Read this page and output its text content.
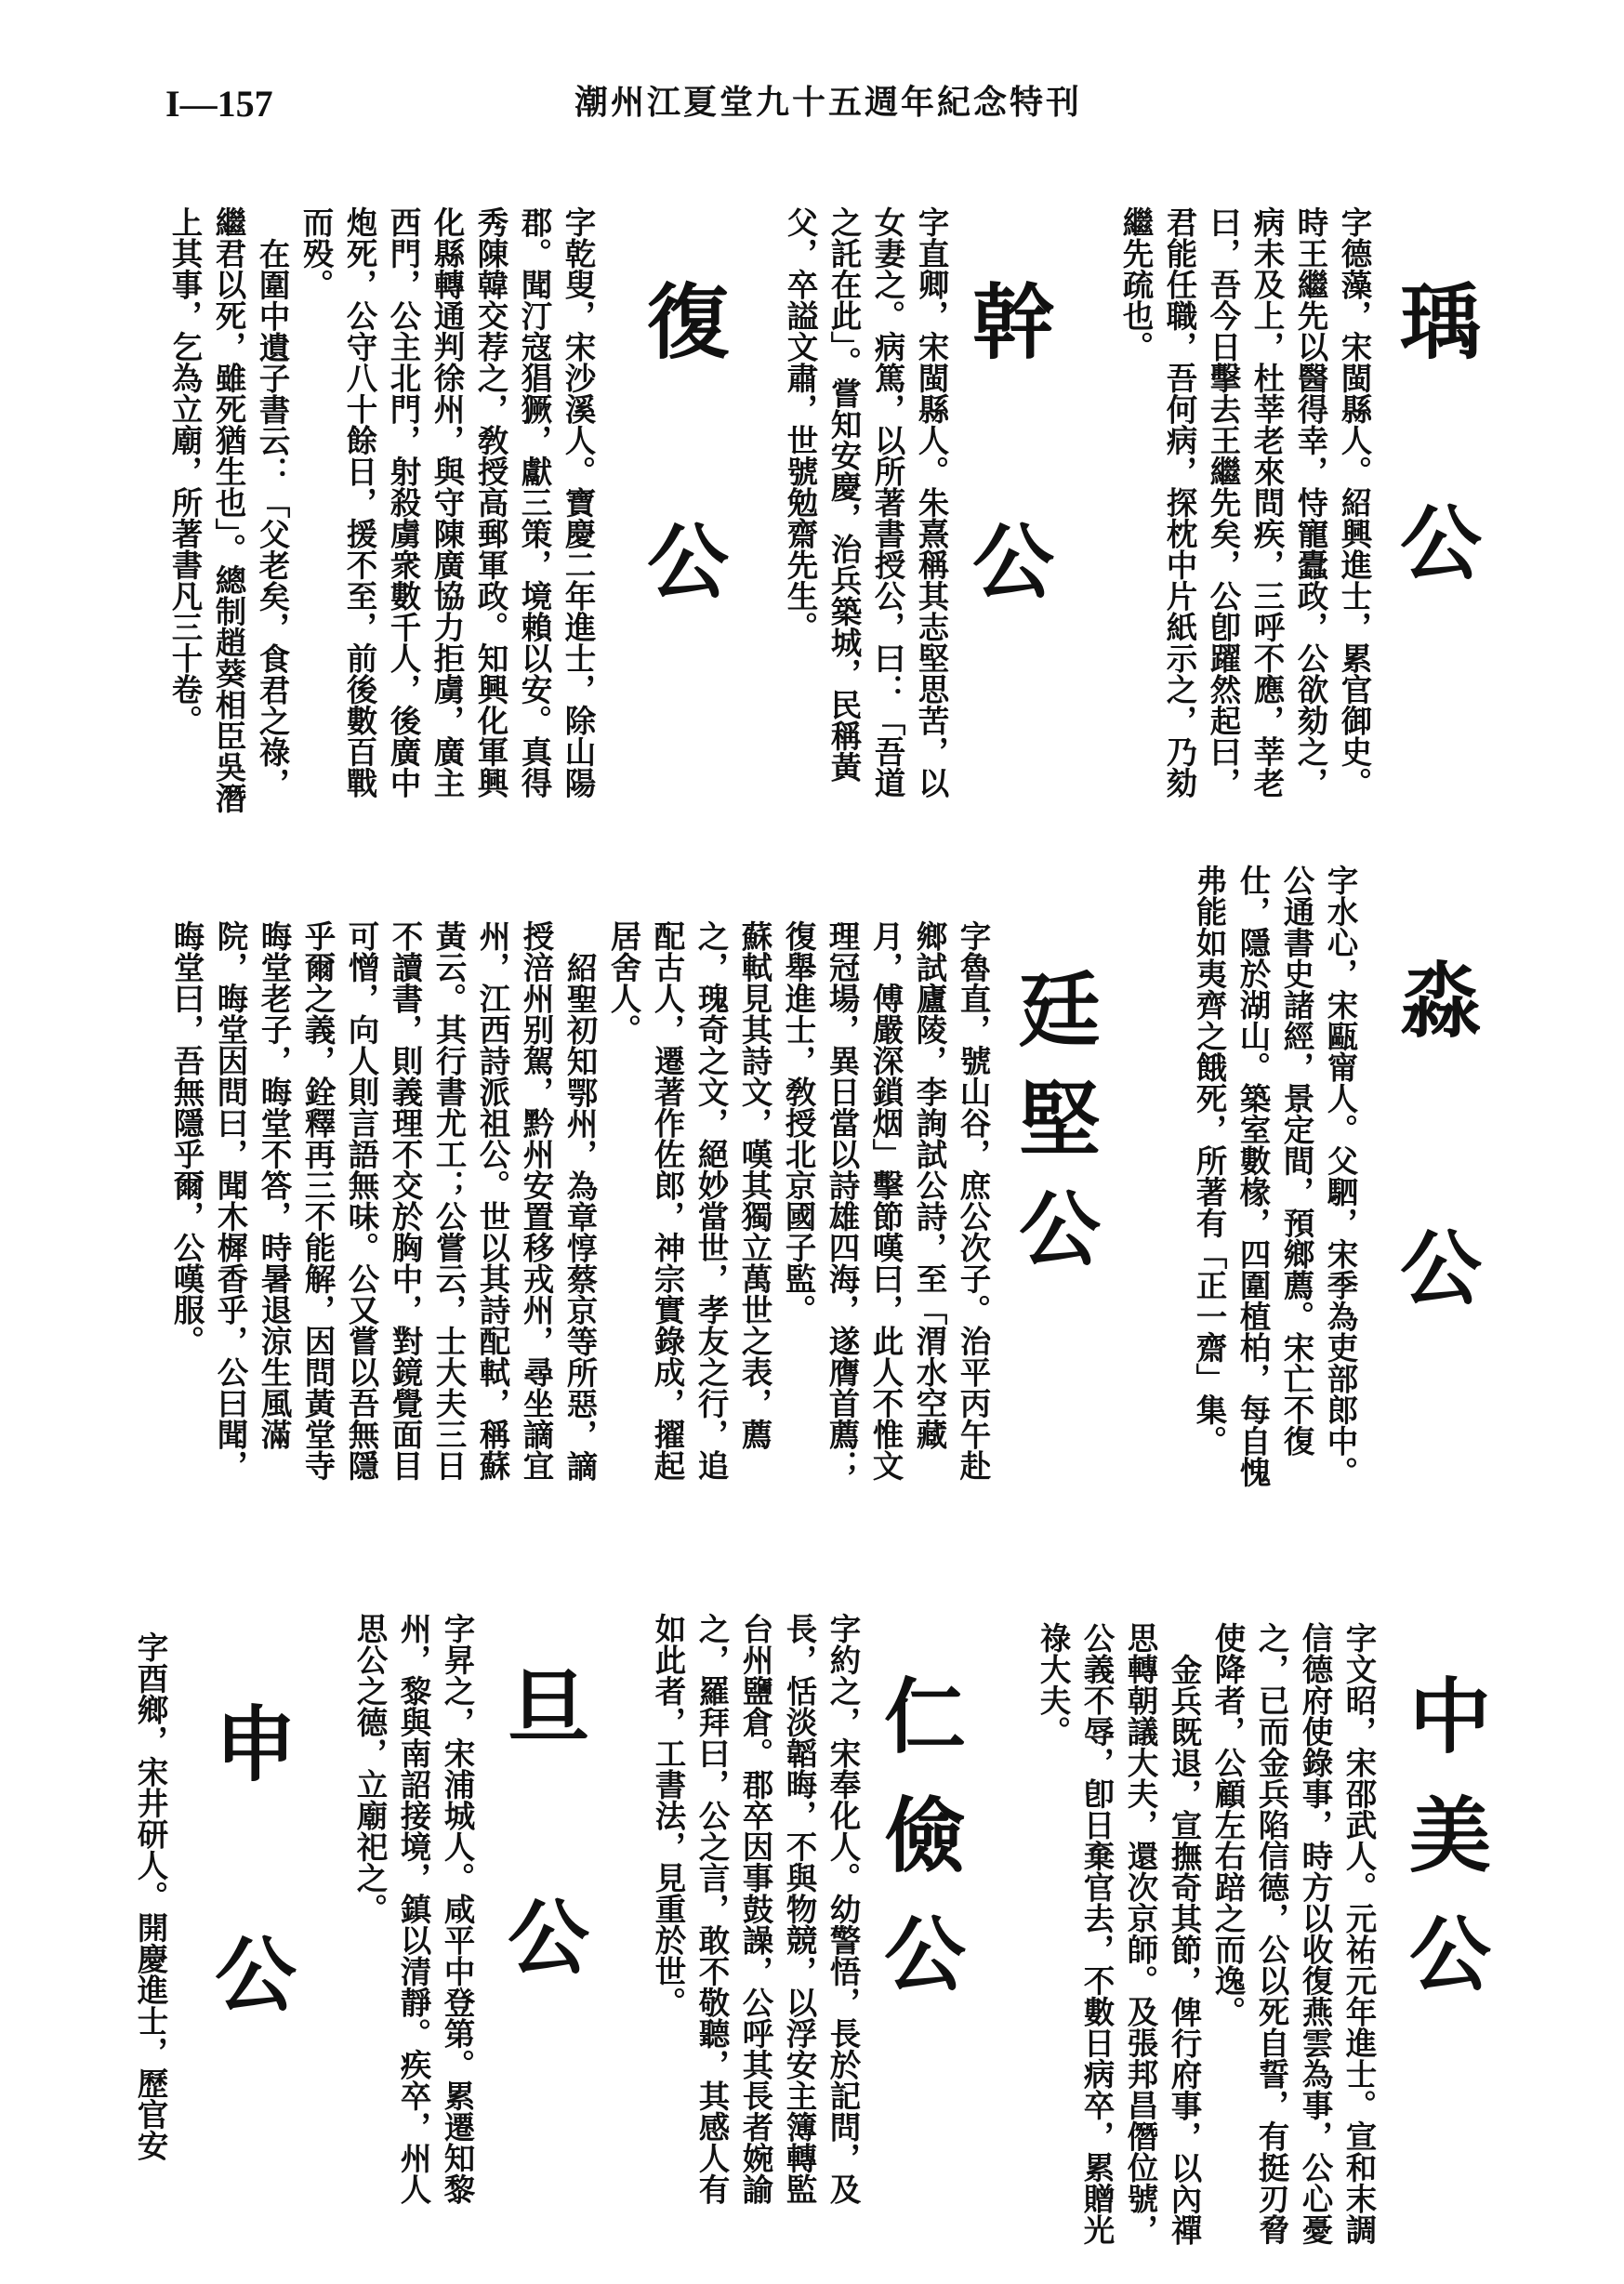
I—157	潮州江夏堂九十五週年紀念特刊
瑀公

字德藻，宋閩縣人。紹興進士，累官御史。時王繼先以醫得幸，恃寵蠹政，公欲劾之，病未及上，杜莘老來問疾，三呼不應，莘老曰，吾今日擊去王繼先矣，公卽躍然起曰，君能任職，吾何病，探枕中片紙示之，乃劾繼先疏也。

幹公

字直卿，宋閩縣人。朱熹稱其志堅思苦，以女妻之。病篤，以所著書授公，曰：「吾道之託在此」。嘗知安慶，治兵築城，民稱黃父，卒謚文肅，世號勉齋先生。

復公

字乾叟，宋沙溪人。寶慶二年進士，除山陽郡。聞汀寇猖獗，獻三策，境賴以安。真得秀陳韓交荐之，敎授高郵軍政。知興化軍興化縣轉通判徐州，與守陳廣協力拒虜，廣主西門，公主北門，射殺虜衆數千人，後廣中炮死，公守八十餘日，援不至，前後數百戰而殁。

在圍中遺子書云：「父老矣，食君之祿，繼君以死，雖死猶生也」。總制趙葵相臣吳潛上其事，乞為立廟，所著書凡三十卷。

淼公

字水心，宋甌甯人。父駟，宋季為吏部郎中。公通書史諸經，景定間，預鄉薦。宋亡不復仕，隱於湖山。築室數椽，四圍植柏，每自愧弗能如夷齊之餓死，所著有「正一齋」集。

廷堅公

字魯直，號山谷，庶公次子。治平丙午赴鄉試廬陵，李詢試公詩，至「渭水空藏月，傅嚴深鎖烟」擊節嘆曰，此人不惟文理冠場，異日當以詩雄四海，遂膺首薦；復舉進士，敎授北京國子監。

蘇軾見其詩文，嘆其獨立萬世之表，薦之，瑰奇之文，絕妙當世，孝友之行，追配古人，遷著作佐郎，神宗實錄成，擢起居舍人。

紹聖初知鄂州，為章惇蔡京等所惡，謫授涪州别駕，黔州安置移戎州，尋坐謫宜州，江西詩派祖公。世以其詩配軾，稱蘇黃云。其行書尤工；公嘗云，士大夫三日不讀書，則義理不交於胸中，對鏡覺面目可憎，向人則言語無味。公又嘗以吾無隱乎爾之義，銓釋再三不能解，因問黃堂寺晦堂老子，晦堂不答，時暑退涼生風滿院，晦堂因問曰，聞木樨香乎，公曰聞，晦堂曰，吾無隱乎爾，公嘆服。

中美公

字文昭，宋邵武人。元祐元年進士。宣和末調信德府使錄事，時方以收復燕雲為事，公心憂之，已而金兵陷信德，公以死自誓，有挺刃脅使降者，公顧左右踣之而逸。

金兵既退，宣撫奇其節，俾行府事，以內禪思轉朝議大夫，還次京師。及張邦昌僭位號，公義不辱，卽日棄官去，不數日病卒，累贈光祿大夫。

仁儉公

字約之，宋奉化人。幼警悟，長於記問，及長，恬淡韜晦，不與物競，以浮安主簿轉監台州鹽倉。郡卒因事鼓譟，公呼其長者婉諭之，羅拜曰，公之言，敢不敬聽，其感人有如此者，工書法，見重於世。

旦公

字昇之，宋浦城人。咸平中登第。累遷知黎州，黎與南詔接境，鎮以清靜。疾卒，州人思公之德，立廟祀之。

申公

字酉鄉，宋井研人。開慶進士，歷官安
